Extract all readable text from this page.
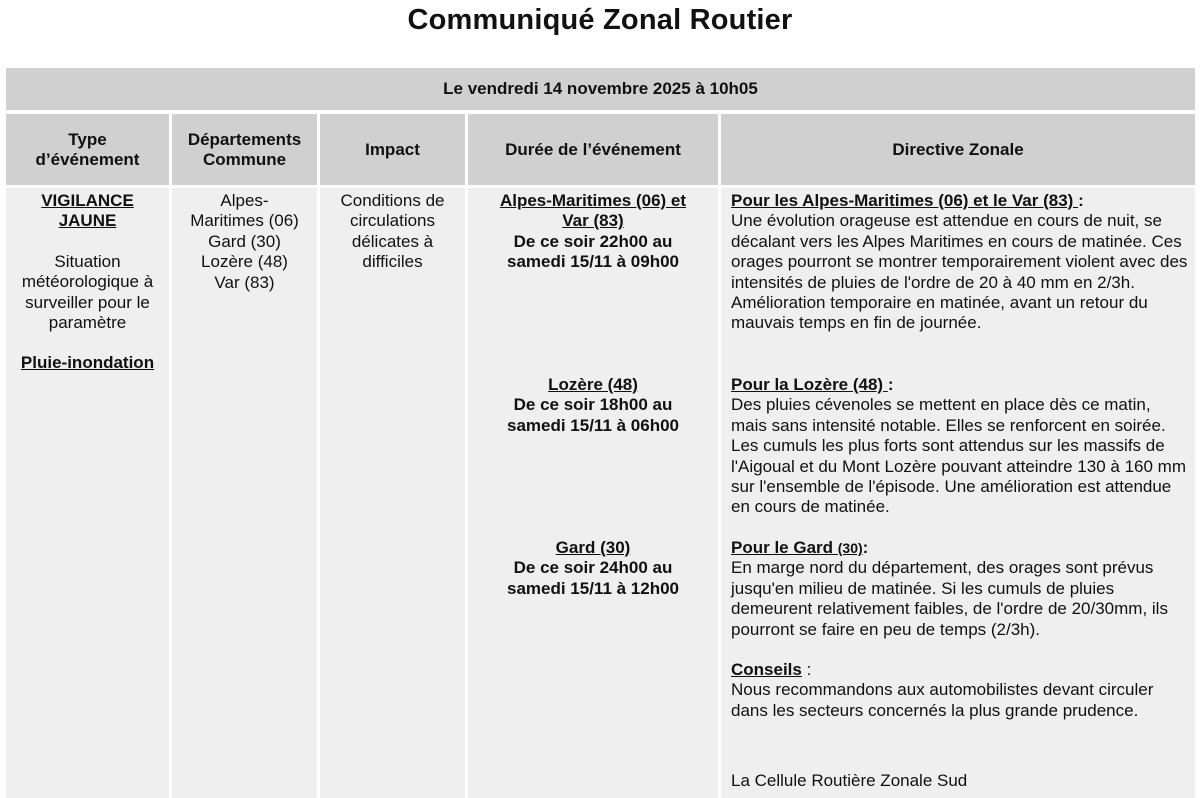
Communiqué Zonal Routier
Le vendredi 14 novembre 2025 à 10h05
Type d’événement
Départements
Commune
Impact	Durée de l’événement	Directive Zonale
VIGILANCE JAUNE
Situation météorologique à surveiller pour le paramètre
Pluie-inondation
Alpes-Maritimes (06)
Gard (30)
Lozère (48)
Var (83)
Conditions de circulations délicates à difficiles
Alpes-Maritimes (06) et Var (83)
De ce soir 22h00 au samedi 15/11 à 09h00
Lozère (48)
De ce soir 18h00 au samedi 15/11 à 06h00
Gard (30)
De ce soir 24h00 au samedi 15/11 à 12h00
Pour les Alpes-Maritimes (06) et le Var (83) :
Une évolution orageuse est attendue en cours de nuit, se décalant vers les Alpes Maritimes en cours de matinée. Ces orages pourront se montrer temporairement violent avec des intensités de pluies de l'ordre de 20 à 40 mm en 2/3h. Amélioration temporaire en matinée, avant un retour du mauvais temps en fin de journée.
Pour la Lozère (48) :
Des pluies cévenoles se mettent en place dès ce matin, mais sans intensité notable. Elles se renforcent en soirée. Les cumuls les plus forts sont attendus sur les massifs de l'Aigoual et du Mont Lozère pouvant atteindre 130 à 160 mm sur l'ensemble de l'épisode. Une amélioration est attendue en cours de matinée.
Pour le Gard (30):
En marge nord du département, des orages sont prévus jusqu'en milieu de matinée. Si les cumuls de pluies demeurent relativement faibles, de l'ordre de 20/30mm, ils pourront se faire en peu de temps (2/3h).
Conseils :
Nous recommandons aux automobilistes devant circuler dans les secteurs concernés la plus grande prudence.
La Cellule Routière Zonale Sud
